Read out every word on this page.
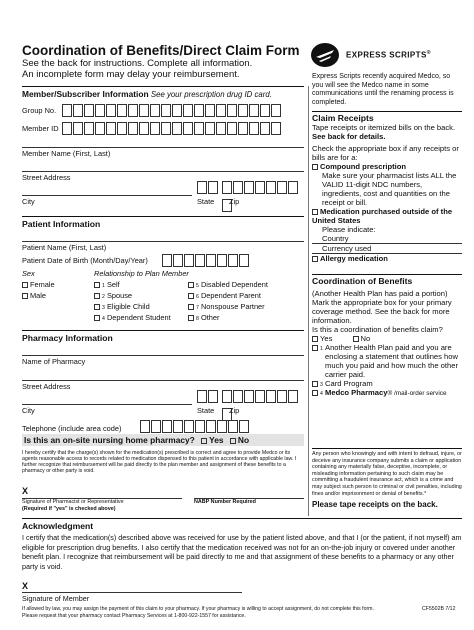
Coordination of Benefits/Direct Claim Form
See the back for instructions. Complete all information.
An incomplete form may delay your reimbursement.
EXPRESS SCRIPTS®
Member/Subscriber Information See your prescription drug ID card.
Group No.
Member ID
Member Name (First, Last)
Street Address
City	State Zip
Patient Information
Patient Name (First, Last)
Patient Date of Birth (Month/Day/Year)
Sex
Female
Male
Relationship to Plan Member
1 Self
2 Spouse
3 Eligible Child
4 Dependent Student
5 Disabled Dependent
6 Dependent Parent
7 Nonspouse Partner
8 Other
Pharmacy Information
Name of Pharmacy
Street Address
City	State Zip
Telephone (include area code)
Is this an on-site nursing home pharmacy? Yes No
I hereby certify that the charge(s) shown for the medication(s) prescribed is correct and agree to provide Medco or its agents reasonable access to records related to medication dispensed to this patient in accordance with applicable law. I further recognize that reimbursement will be paid directly to the plan member and assignment of these benefits to a pharmacy or other party is void.
X
Signature of Pharmacist or Representative
(Required if "yes" is checked above)
NABP Number Required
Acknowledgment
I certify that the medication(s) described above was received for use by the patient listed above, and that I (or the patient, if not myself) am eligible for prescription drug benefits. I also certify that the medication received was not for an on-the-job injury or covered under another benefit plan. I recognize that reimbursement will be paid directly to me and that assignment of these benefits to a pharmacy or any other party is void.
X
Signature of Member
If allowed by law, you may assign the payment of this claim to your pharmacy. If your pharmacy is willing to accept assignment, do not complete this form.
Please request that your pharmacy contact Pharmacy Services at 1-800-922-1557 for assistance.
CF5502B 7/12
Express Scripts recently acquired Medco, so you will see the Medco name in some communications until the renaming process is completed.
Claim Receipts
Tape receipts or itemized bills on the back.
See back for details.
Check the appropriate box if any receipts or bills are for a:
Compound prescription
Make sure your pharmacist lists ALL the VALID 11-digit NDC numbers, ingredients, cost and quantities on the receipt or bill.
Medication purchased outside of the United States
Please indicate:
Country
Currency used
Allergy medication
Coordination of Benefits
(Another Health Plan has paid a portion) Mark the appropriate box for your primary coverage method. See the back for more information.
Is this a coordination of benefits claim?
Yes	No
1 Another Health Plan paid and you are enclosing a statement that outlines how much you paid and how much the other carrier paid.
3 Card Program
4 Medco Pharmacy® /mail-order service
Any person who knowingly and with intent to defraud, injure, or deceive any insurance company submits a claim or application containing any materially false, deceptive, incomplete, or misleading information pertaining to such claim may be committing a fraudulent insurance act, which is a crime and may subject such person to criminal or civil penalties, including fines and/or imprisonment or denial of benefits.*
Please tape receipts on the back.
